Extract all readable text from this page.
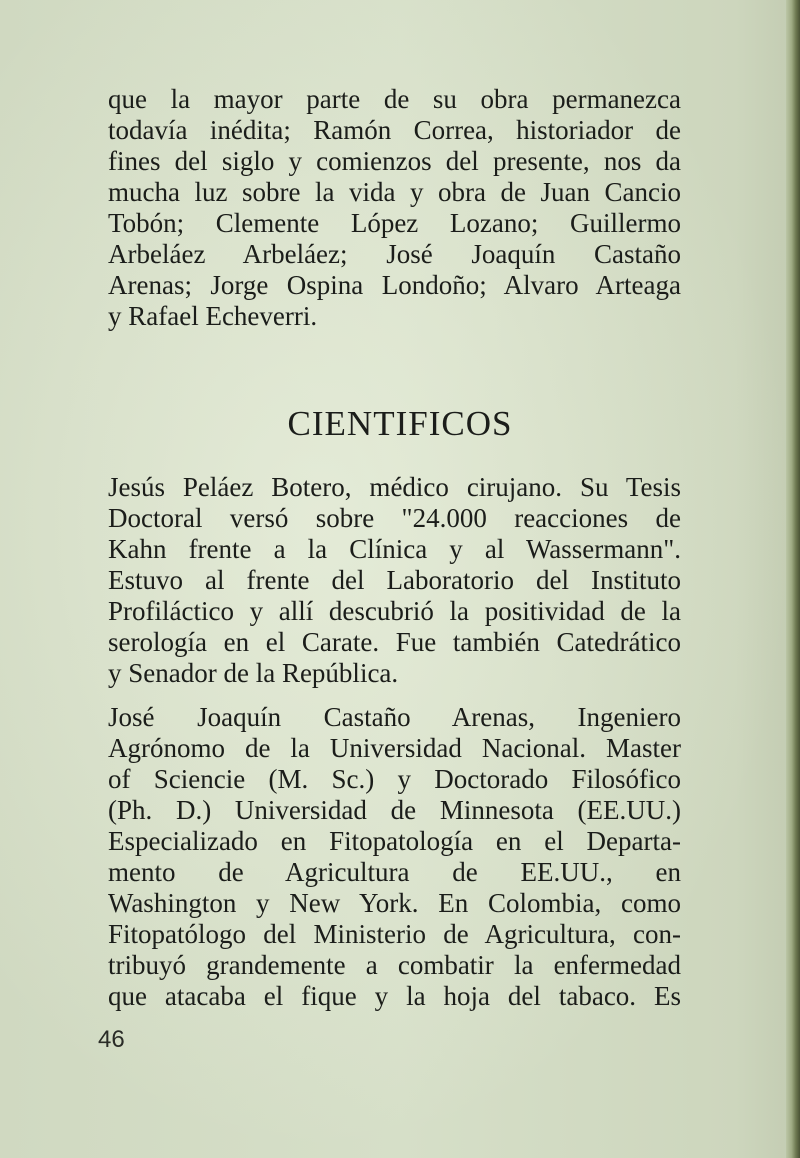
que la mayor parte de su obra permanezca
todavía inédita; Ramón Correa, historiador de
fines del siglo y comienzos del presente, nos da
mucha luz sobre la vida y obra de Juan Cancio
Tobón; Clemente López Lozano; Guillermo
Arbeláez Arbeláez; José Joaquín Castaño
Arenas; Jorge Ospina Londoño; Alvaro Arteaga
y Rafael Echeverri.
CIENTIFICOS
Jesús Peláez Botero, médico cirujano. Su Tesis
Doctoral versó sobre "24.000 reacciones de
Kahn frente a la Clínica y al Wassermann".
Estuvo al frente del Laboratorio del Instituto
Profiláctico y allí descubrió la positividad de la
serología en el Carate. Fue también Catedrático
y Senador de la República.
José Joaquín Castaño Arenas, Ingeniero
Agrónomo de la Universidad Nacional. Master
of Sciencie (M. Sc.) y Doctorado Filosófico
(Ph. D.) Universidad de Minnesota (EE.UU.)
Especializado en Fitopatología en el Departa-
mento de Agricultura de EE.UU., en
Washington y New York. En Colombia, como
Fitopatólogo del Ministerio de Agricultura, con-
tribuyó grandemente a combatir la enfermedad
que atacaba el fique y la hoja del tabaco. Es
46
